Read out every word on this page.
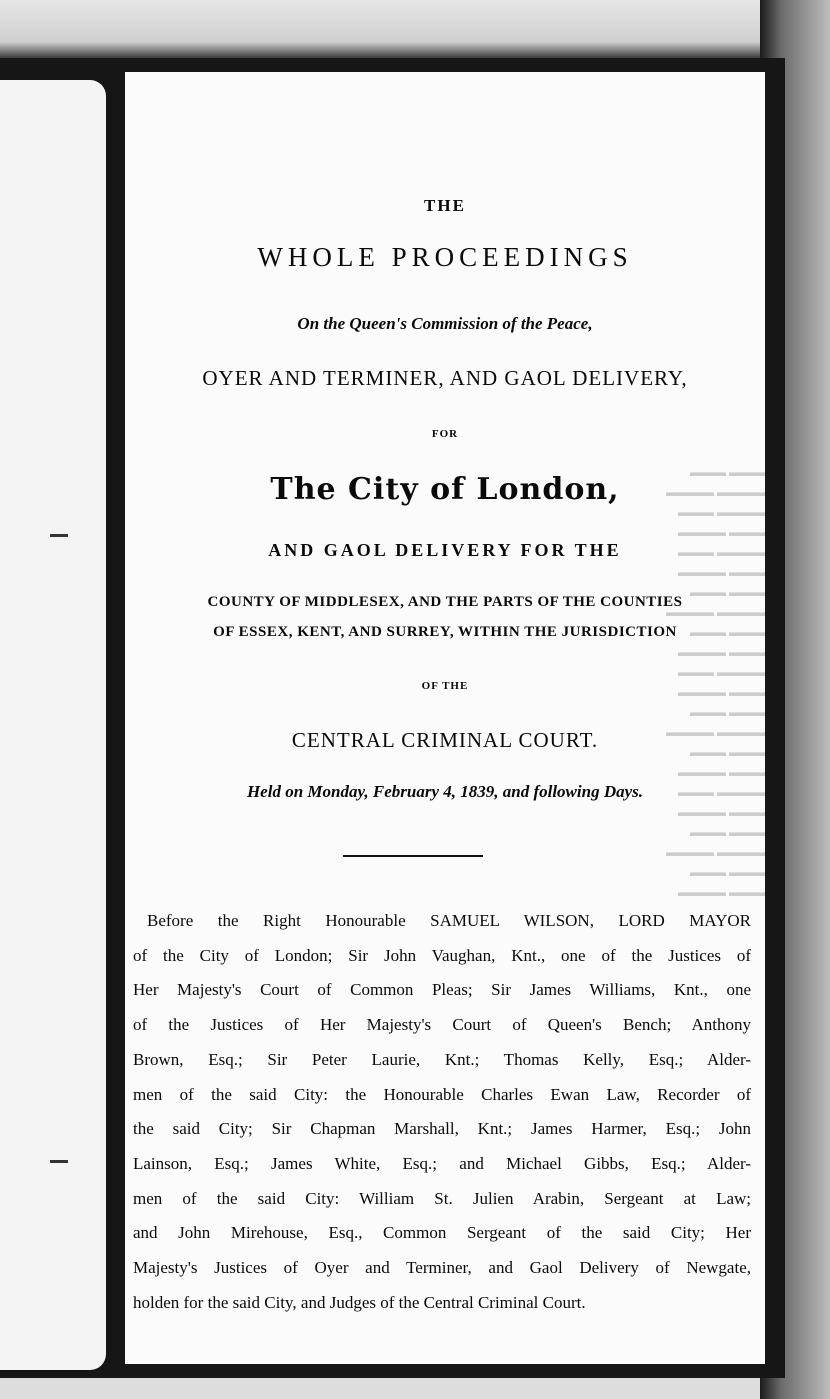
▬▬▬ ▬▬▬
▬▬▬▬ ▬▬▬▬
▬▬▬ ▬▬▬▬
▬▬▬▬ ▬▬▬
▬▬▬ ▬▬▬▬
▬▬▬▬ ▬▬▬
▬▬▬ ▬▬▬
▬▬▬▬ ▬▬▬▬
▬▬▬ ▬▬▬
▬▬▬▬ ▬▬▬
▬▬▬ ▬▬▬▬
▬▬▬▬ ▬▬▬
▬▬▬ ▬▬▬
▬▬▬▬ ▬▬▬▬
▬▬▬ ▬▬▬
▬▬▬▬ ▬▬▬
▬▬▬ ▬▬▬▬
▬▬▬▬ ▬▬▬
▬▬▬ ▬▬▬
▬▬▬▬ ▬▬▬▬
▬▬▬ ▬▬▬
▬▬▬▬ ▬▬▬
THE
WHOLE PROCEEDINGS
On the Queen's Commission of the Peace,
OYER AND TERMINER, AND GAOL DELIVERY,
FOR
The City of London,
AND GAOL DELIVERY FOR THE
COUNTY OF MIDDLESEX, AND THE PARTS OF THE COUNTIES
OF ESSEX, KENT, AND SURREY, WITHIN THE JURISDICTION
OF THE
CENTRAL CRIMINAL COURT.
Held on Monday, February 4, 1839, and following Days.
Before the Right Honourable SAMUEL WILSON, LORD MAYOR
of the City of London; Sir John Vaughan, Knt., one of the Justices of
Her Majesty's Court of Common Pleas; Sir James Williams, Knt., one
of the Justices of Her Majesty's Court of Queen's Bench; Anthony
Brown, Esq.; Sir Peter Laurie, Knt.; Thomas Kelly, Esq.; Alder-
men of the said City: the Honourable Charles Ewan Law, Recorder of
the said City; Sir Chapman Marshall, Knt.; James Harmer, Esq.; John
Lainson, Esq.; James White, Esq.; and Michael Gibbs, Esq.; Alder-
men of the said City: William St. Julien Arabin, Sergeant at Law;
and John Mirehouse, Esq., Common Sergeant of the said City; Her
Majesty's Justices of Oyer and Terminer, and Gaol Delivery of Newgate,
holden for the said City, and Judges of the Central Criminal Court.
